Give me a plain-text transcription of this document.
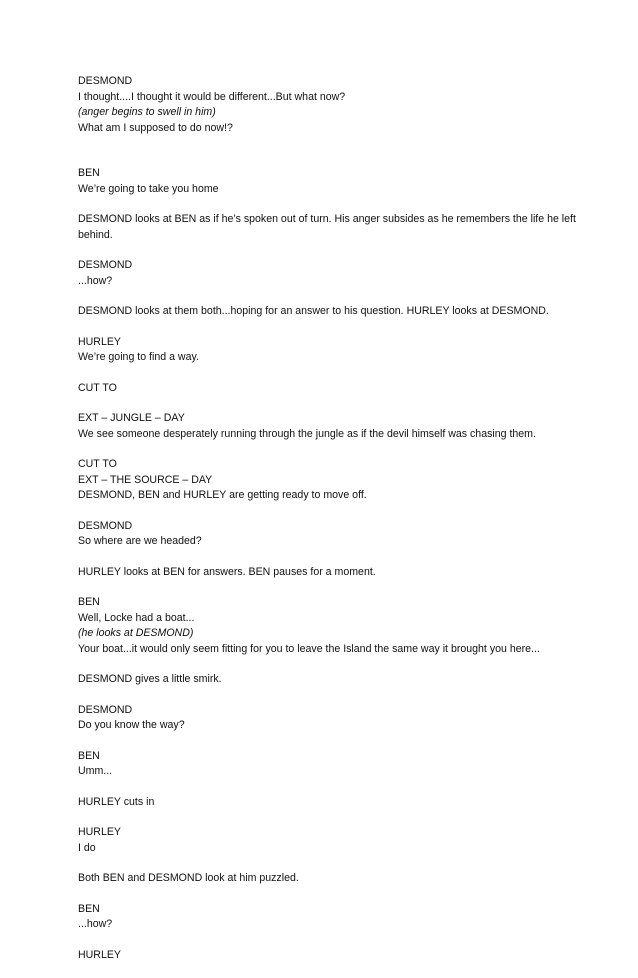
DESMOND
I thought....I thought it would be different...But what now?
(anger begins to swell in him)
What am I supposed to do now!?
BEN
We’re going to take you home
DESMOND looks at BEN as if he’s spoken out of turn. His anger subsides as he remembers the life he left behind.
DESMOND
...how?
DESMOND looks at them both...hoping for an answer to his question. HURLEY looks at DESMOND.
HURLEY
We’re going to find a way.
CUT TO
EXT – JUNGLE – DAY
We see someone desperately running through the jungle as if the devil himself was chasing them.
CUT TO
EXT – THE SOURCE – DAY
DESMOND, BEN and HURLEY are getting ready to move off.
DESMOND
So where are we headed?
HURLEY looks at BEN for answers. BEN pauses for a moment.
BEN
Well, Locke had a boat...
(he looks at DESMOND)
Your boat...it would only seem fitting for you to leave the Island the same way it brought you here...
DESMOND gives a little smirk.
DESMOND
Do you know the way?
BEN
Umm...
HURLEY cuts in
HURLEY
I do
Both BEN and DESMOND look at him puzzled.
BEN
...how?
HURLEY
